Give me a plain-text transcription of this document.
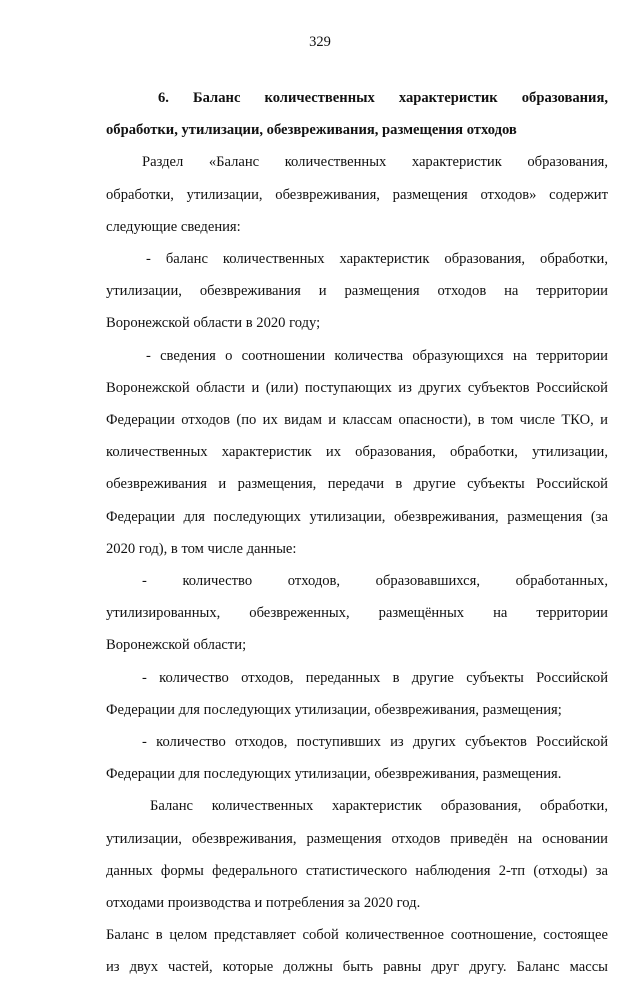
329
6. Баланс количественных характеристик образования,
обработки, утилизации, обезвреживания, размещения отходов
Раздел «Баланс количественных характеристик образования,
обработки, утилизации, обезвреживания, размещения отходов» содержит
следующие сведения:
- баланс количественных характеристик образования, обработки,
утилизации, обезвреживания и размещения отходов на территории
Воронежской области в 2020 году;
- сведения о соотношении количества образующихся на территории
Воронежской области и (или) поступающих из других субъектов Российской
Федерации отходов (по их видам и классам опасности), в том числе ТКО, и
количественных характеристик их образования, обработки, утилизации,
обезвреживания и размещения, передачи в другие субъекты Российской
Федерации для последующих утилизации, обезвреживания, размещения (за
2020 год), в том числе данные:
- количество отходов, образовавшихся, обработанных,
утилизированных, обезвреженных, размещённых на территории
Воронежской области;
- количество отходов, переданных в другие субъекты Российской
Федерации для последующих утилизации, обезвреживания, размещения;
- количество отходов, поступивших из других субъектов Российской
Федерации для последующих утилизации, обезвреживания, размещения.
Баланс количественных характеристик образования, обработки,
утилизации, обезвреживания, размещения отходов приведён на основании
данных формы федерального статистического наблюдения 2-тп (отходы) за
отходами производства и потребления за 2020 год.
Баланс в целом представляет собой количественное соотношение, состоящее
из двух частей, которые должны быть равны друг другу. Баланс массы
